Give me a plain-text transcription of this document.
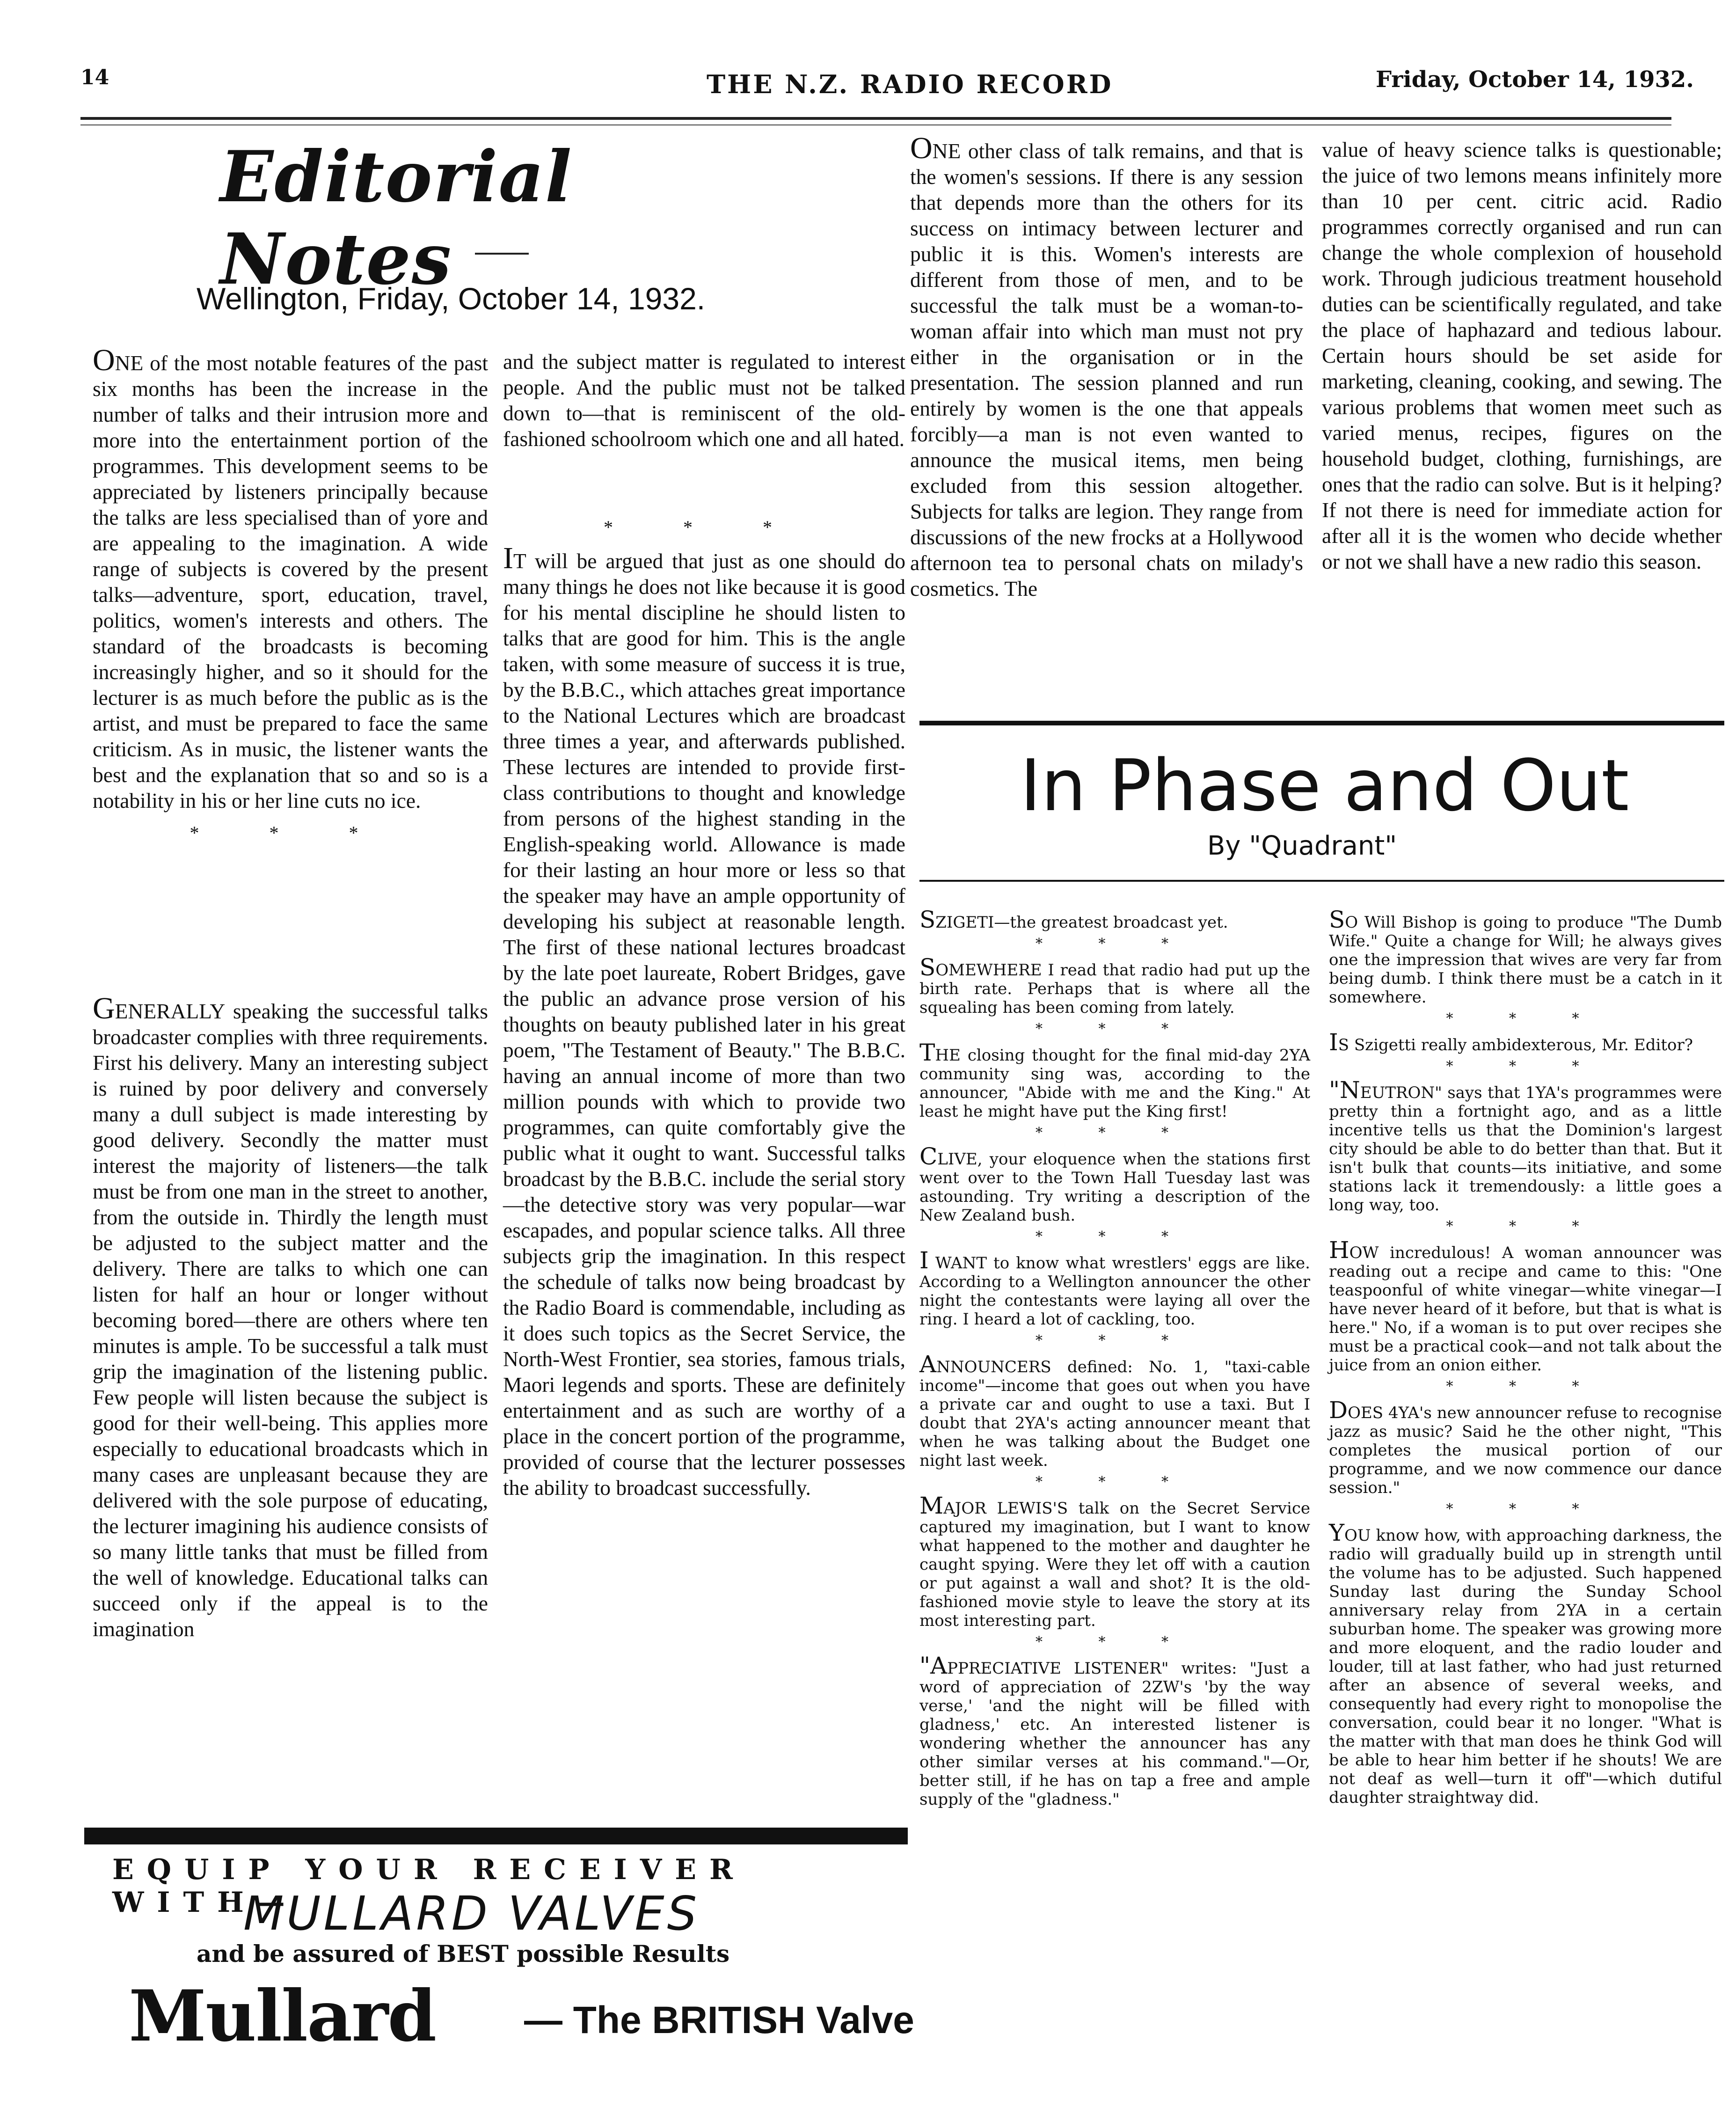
14	THE N.Z. RADIO RECORD	Friday, October 14, 1932.
Editorial Notes
Wellington, Friday, October 14, 1932.

ONE of the most notable features of the past six months has been the increase in the number of talks and their intrusion more and more into the entertainment portion of the programmes. This development seems to be appreciated by listeners principally because the talks are less specialised than of yore and are appealing to the imagination. A wide range of subjects is covered by the present talks—adventure, sport, education, travel, politics, women's interests and others. The standard of the broadcasts is becoming increasingly higher, and so it should for the lecturer is as much before the public as is the artist, and must be prepared to face the same criticism. As in music, the listener wants the best and the explanation that so and so is a notability in his or her line cuts no ice.

* * *

GENERALLY speaking the successful talks broadcaster complies with three requirements. First his delivery. Many an interesting subject is ruined by poor delivery and conversely many a dull subject is made interesting by good delivery. Secondly the matter must interest the majority of listeners—the talk must be from one man in the street to another, from the outside in. Thirdly the length must be adjusted to the subject matter and the delivery. There are talks to which one can listen for half an hour or longer without becoming bored—there are others where ten minutes is ample. To be successful a talk must grip the imagination of the listening public. Few people will listen because the subject is good for their well-being. This applies more especially to educational broadcasts which in many cases are unpleasant because they are delivered with the sole purpose of educating, the lecturer imagining his audience consists of so many little tanks that must be filled from the well of knowledge. Educational talks can succeed only if the appeal is to the imagination

and the subject matter is regulated to interest people. And the public must not be talked down to—that is reminiscent of the old-fashioned schoolroom which one and all hated.

* * *

IT will be argued that just as one should do many things he does not like because it is good for his mental discipline he should listen to talks that are good for him. This is the angle taken, with some measure of success it is true, by the B.B.C., which attaches great importance to the National Lectures which are broadcast three times a year, and afterwards published. These lectures are intended to provide first-class contributions to thought and knowledge from persons of the highest standing in the English-speaking world. Allowance is made for their lasting an hour more or less so that the speaker may have an ample opportunity of developing his subject at reasonable length. The first of these national lectures broadcast by the late poet laureate, Robert Bridges, gave the public an advance prose version of his thoughts on beauty published later in his great poem, "The Testament of Beauty." The B.B.C. having an annual income of more than two million pounds with which to provide two programmes, can quite comfortably give the public what it ought to want. Successful talks broadcast by the B.B.C. include the serial story—the detective story was very popular—war escapades, and popular science talks. All three subjects grip the imagination. In this respect the schedule of talks now being broadcast by the Radio Board is commendable, including as it does such topics as the Secret Service, the North-West Frontier, sea stories, famous trials, Maori legends and sports. These are definitely entertainment and as such are worthy of a place in the concert portion of the programme, provided of course that the lecturer possesses the ability to broadcast successfully.

ONE other class of talk remains, and that is the women's sessions. If there is any session that depends more than the others for its success on intimacy between lecturer and public it is this. Women's interests are different from those of men, and to be successful the talk must be a woman-to-woman affair into which man must not pry either in the organisation or in the presentation. The session planned and run entirely by women is the one that appeals forcibly—a man is not even wanted to announce the musical items, men being excluded from this session altogether. Subjects for talks are legion. They range from discussions of the new frocks at a Hollywood afternoon tea to personal chats on milady's cosmetics. The

value of heavy science talks is questionable; the juice of two lemons means infinitely more than 10 per cent. citric acid. Radio programmes correctly organised and run can change the whole complexion of household work. Through judicious treatment household duties can be scientifically regulated, and take the place of haphazard and tedious labour. Certain hours should be set aside for marketing, cleaning, cooking, and sewing. The various problems that women meet such as varied menus, recipes, figures on the household budget, clothing, furnishings, are ones that the radio can solve. But is it helping? If not there is need for immediate action for after all it is the women who decide whether or not we shall have a new radio this season.

In Phase and Out
By "Quadrant"

SZIGETI—the greatest broadcast yet.

* * *

SOMEWHERE I read that radio had put up the birth rate. Perhaps that is where all the squealing has been coming from lately.

* * *

THE closing thought for the final mid-day 2YA community sing was, according to the announcer, "Abide with me and the King." At least he might have put the King first!

* * *

CLIVE, your eloquence when the stations first went over to the Town Hall Tuesday last was astounding. Try writing a description of the New Zealand bush.

* * *

I WANT to know what wrestlers' eggs are like. According to a Wellington announcer the other night the contestants were laying all over the ring. I heard a lot of cackling, too.

* * *

ANNOUNCERS defined: No. 1, "taxi-cable income"—income that goes out when you have a private car and ought to use a taxi. But I doubt that 2YA's acting announcer meant that when he was talking about the Budget one night last week.

* * *

MAJOR LEWIS'S talk on the Secret Service captured my imagination, but I want to know what happened to the mother and daughter he caught spying. Were they let off with a caution or put against a wall and shot? It is the old-fashioned movie style to leave the story at its most interesting part.

* * *

"APPRECIATIVE LISTENER" writes: "Just a word of appreciation of 2ZW's 'by the way verse,' 'and the night will be filled with gladness,' etc. An interested listener is wondering whether the announcer has any other similar verses at his command."—Or, better still, if he has on tap a free and ample supply of the "gladness."

SO Will Bishop is going to produce "The Dumb Wife." Quite a change for Will; he always gives one the impression that wives are very far from being dumb. I think there must be a catch in it somewhere.

* * *

IS Szigetti really ambidexterous, Mr. Editor?

* * *

"NEUTRON" says that 1YA's programmes were pretty thin a fortnight ago, and as a little incentive tells us that the Dominion's largest city should be able to do better than that. But it isn't bulk that counts—its initiative, and some stations lack it tremendously: a little goes a long way, too.

* * *

HOW incredulous! A woman announcer was reading out a recipe and came to this: "One teaspoonful of white vinegar—white vinegar—I have never heard of it before, but that is what is here." No, if a woman is to put over recipes she must be a practical cook—and not talk about the juice from an onion either.

* * *

DOES 4YA's new announcer refuse to recognise jazz as music? Said he the other night, "This completes the musical portion of our programme, and we now commence our dance session."

* * *

YOU know how, with approaching darkness, the radio will gradually build up in strength until the volume has to be adjusted. Such happened Sunday last during the Sunday School anniversary relay from 2YA in a certain suburban home. The speaker was growing more and more eloquent, and the radio louder and louder, till at last father, who had just returned after an absence of several weeks, and consequently had every right to monopolise the conversation, could bear it no longer. "What is the matter with that man does he think God will be able to hear him better if he shouts! We are not deaf as well—turn it off"—which dutiful daughter straightway did.

EQUIP YOUR RECEIVER WITH—
MULLARD VALVES
and be assured of BEST possible Results
Mullard — The BRITISH Valve
